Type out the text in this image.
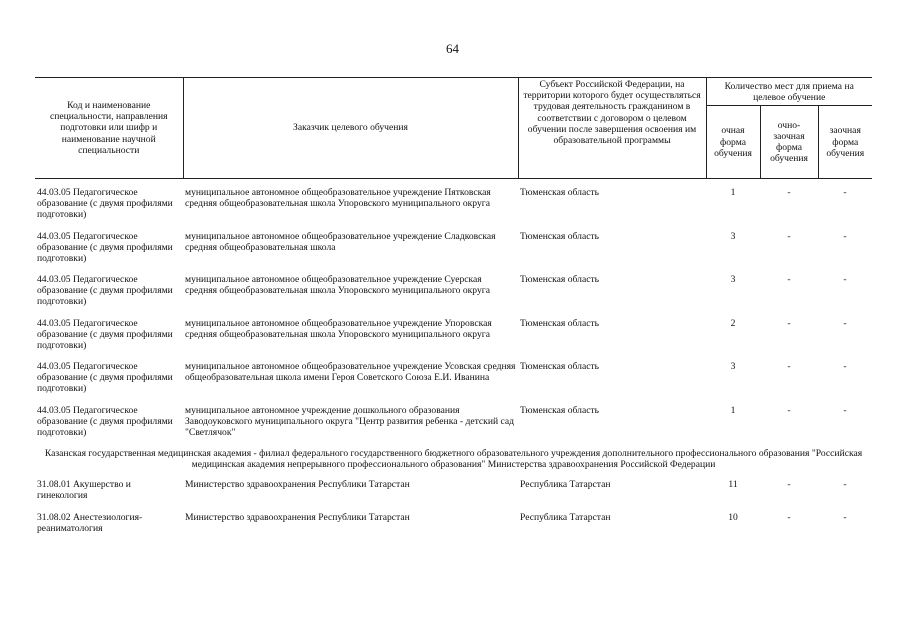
64
Код и наименование специальности, направления подготовки или шифр и наименование научной специальности	Заказчик целевого обучения	Субъект Российской Федерации, на территории которого будет осуществляться трудовая деятельность гражданином в соответствии с договором о целевом обучении после завершения освоения им образовательной программы	Количество мест для приема на целевое обучение		
			очная форма обучения	очно-заочная форма обучения	заочная форма обучения

44.03.05 Педагогическое образование (с двумя профилями подготовки)	муниципальное автономное общеобразовательное учреждение Пятковская средняя общеобразовательная школа Упоровского муниципального округа	Тюменская область	1	-	-
44.03.05 Педагогическое образование (с двумя профилями подготовки)	муниципальное автономное общеобразовательное учреждение Сладковская средняя общеобразовательная школа	Тюменская область	3	-	-
44.03.05 Педагогическое образование (с двумя профилями подготовки)	муниципальное автономное общеобразовательное учреждение Суерская средняя общеобразовательная школа Упоровского муниципального округа	Тюменская область	3	-	-
44.03.05 Педагогическое образование (с двумя профилями подготовки)	муниципальное автономное общеобразовательное учреждение Упоровская средняя общеобразовательная школа Упоровского муниципального округа	Тюменская область	2	-	-
44.03.05 Педагогическое образование (с двумя профилями подготовки)	муниципальное автономное общеобразовательное учреждение Усовская средняя общеобразовательная школа имени Героя Советского Союза Е.И. Иванина	Тюменская область	3	-	-
44.03.05 Педагогическое образование (с двумя профилями подготовки)	муниципальное автономное учреждение дошкольного образования Заводоуковского муниципального округа "Центр развития ребенка - детский сад "Светлячок"	Тюменская область	1	-	-
Казанская государственная медицинская академия - филиал федерального государственного бюджетного образовательного учреждения дополнительного профессионального образования "Российская медицинская академия непрерывного профессионального образования" Министерства здравоохранения Российской Федерации					
31.08.01 Акушерство и гинекология	Министерство здравоохранения Республики Татарстан	Республика Татарстан	11	-	-
31.08.02 Анестезиология-реаниматология	Министерство здравоохранения Республики Татарстан	Республика Татарстан	10	-	-
